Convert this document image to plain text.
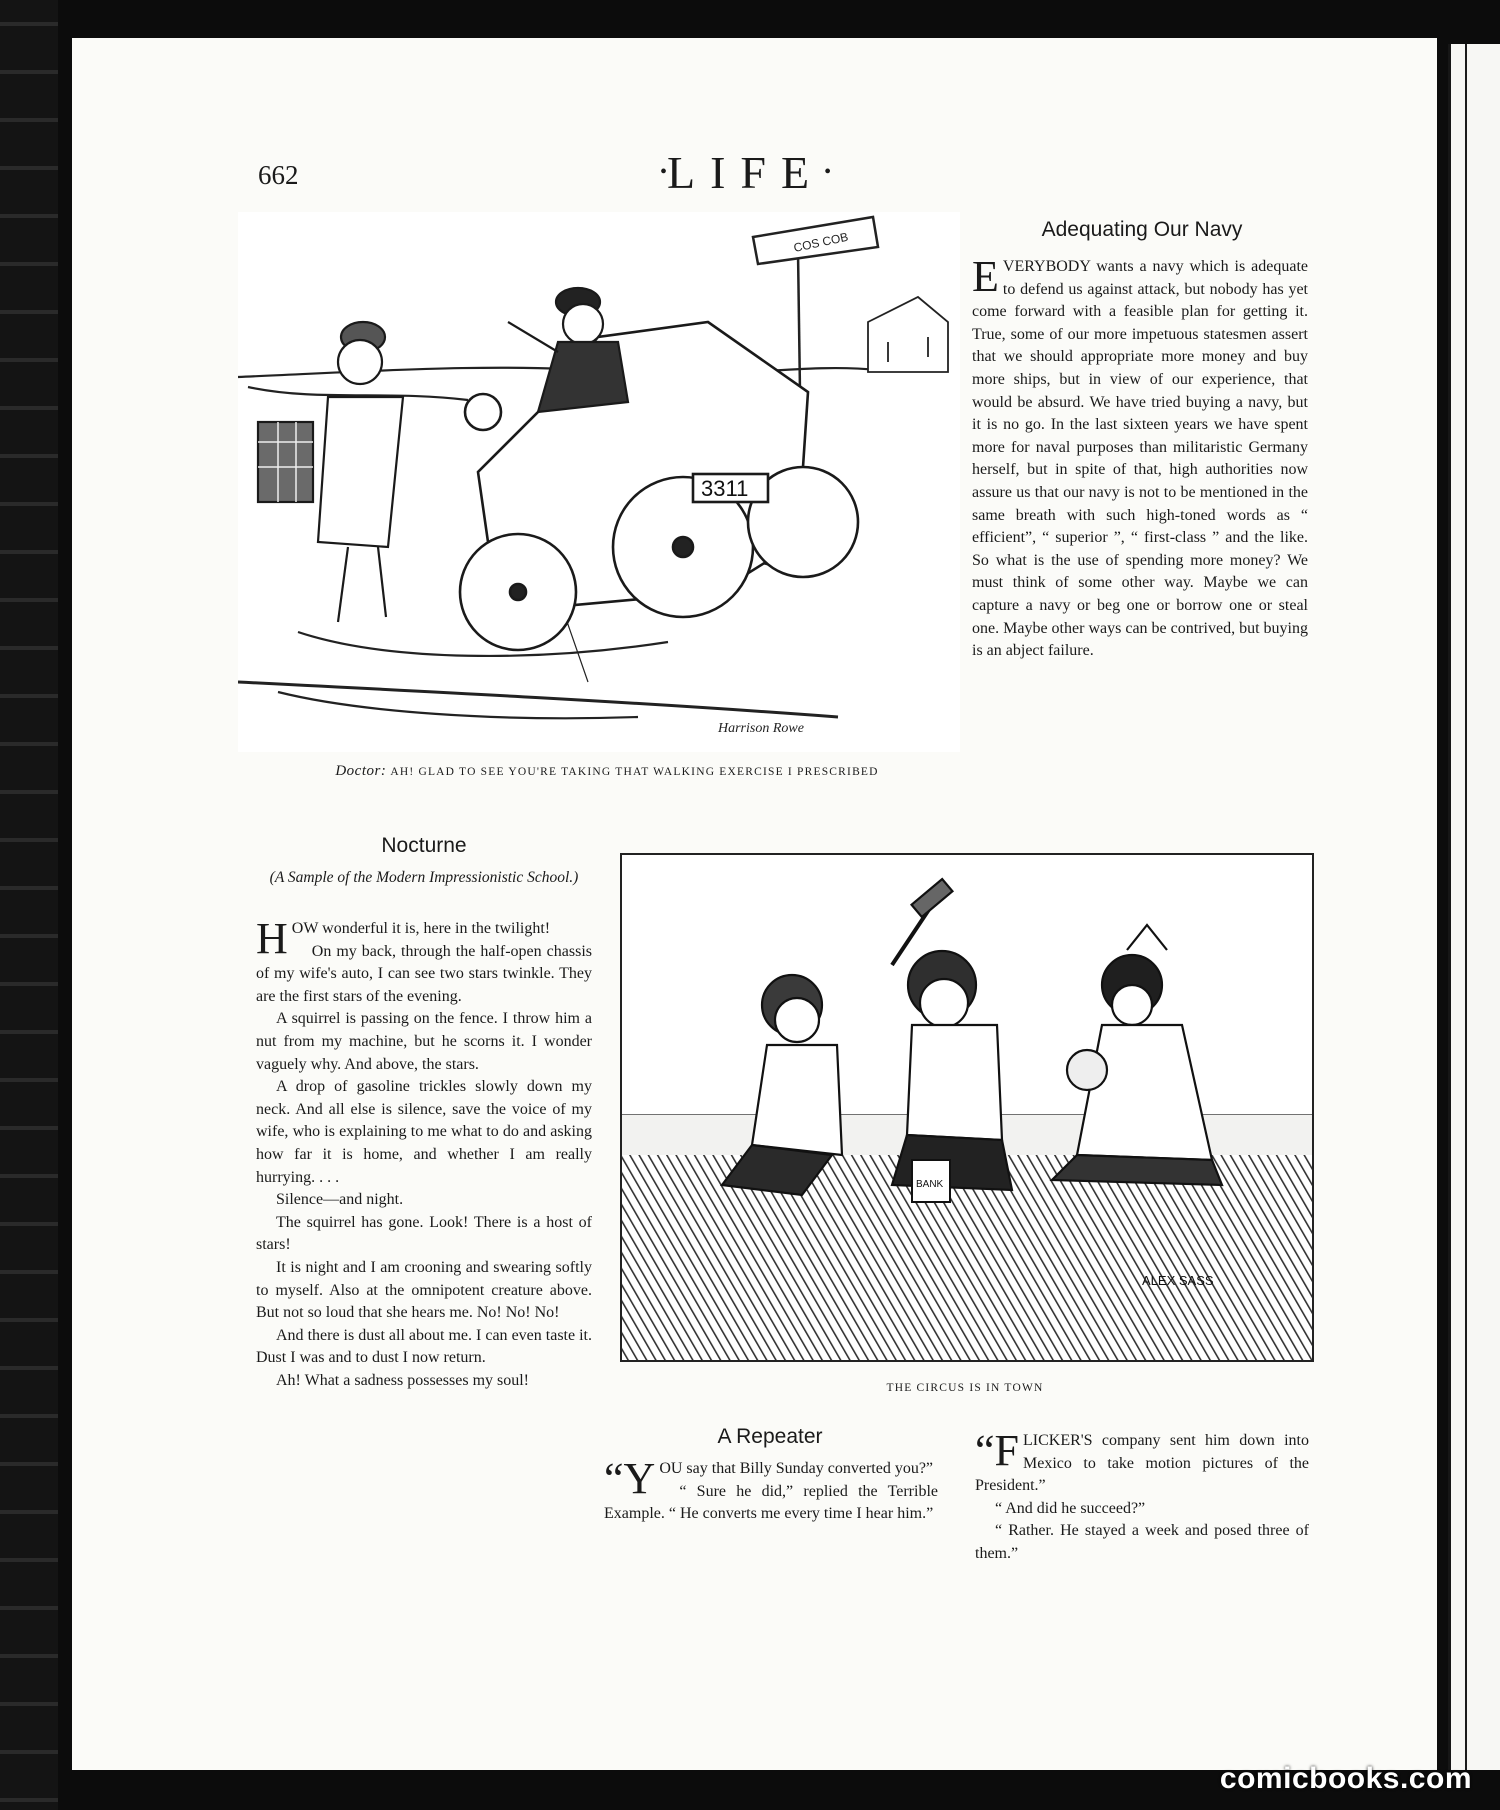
662	•LIFE•
COS COB
3311
Harrison Rowe
Doctor: AH! GLAD TO SEE YOU'RE TAKING THAT WALKING EXERCISE I PRESCRIBED
Adequating Our Navy

EVERYBODY wants a navy which is adequate to defend us against attack, but nobody has yet come forward with a feasible plan for getting it. True, some of our more impetuous statesmen assert that we should appropriate more money and buy more ships, but in view of our experience, that would be absurd. We have tried buying a navy, but it is no go. In the last sixteen years we have spent more for naval purposes than militaristic Germany herself, but in spite of that, high authorities now assure us that our navy is not to be mentioned in the same breath with such high-toned words as “ efficient”, “ superior ”, “ first-class ” and the like. So what is the use of spending more money? We must think of some other way. Maybe we can capture a navy or beg one or borrow one or steal one. Maybe other ways can be contrived, but buying is an abject failure.

Nocturne
(A Sample of the Modern Impressionistic School.)

HOW wonderful it is, here in the twilight!

On my back, through the half-open chassis of my wife's auto, I can see two stars twinkle. They are the first stars of the evening.

A squirrel is passing on the fence. I throw him a nut from my machine, but he scorns it. I wonder vaguely why. And above, the stars.

A drop of gasoline trickles slowly down my neck. And all else is silence, save the voice of my wife, who is explaining to me what to do and asking how far it is home, and whether I am really hurrying. . . .

Silence—and night.

The squirrel has gone. Look! There is a host of stars!

It is night and I am crooning and swearing softly to myself. Also at the omnipotent creature above. But not so loud that she hears me. No! No! No!

And there is dust all about me. I can even taste it. Dust I was and to dust I now return.

Ah! What a sadness possesses my soul!

BANK
ALEX SASS
THE CIRCUS IS IN TOWN
A Repeater

“YOU say that Billy Sunday converted you?”

“ Sure he did,” replied the Terrible Example. “ He converts me every time I hear him.”

“FLICKER'S company sent him down into Mexico to take motion pictures of the President.”

“ And did he succeed?”

“ Rather. He stayed a week and posed three of them.”

comicbooks.com
